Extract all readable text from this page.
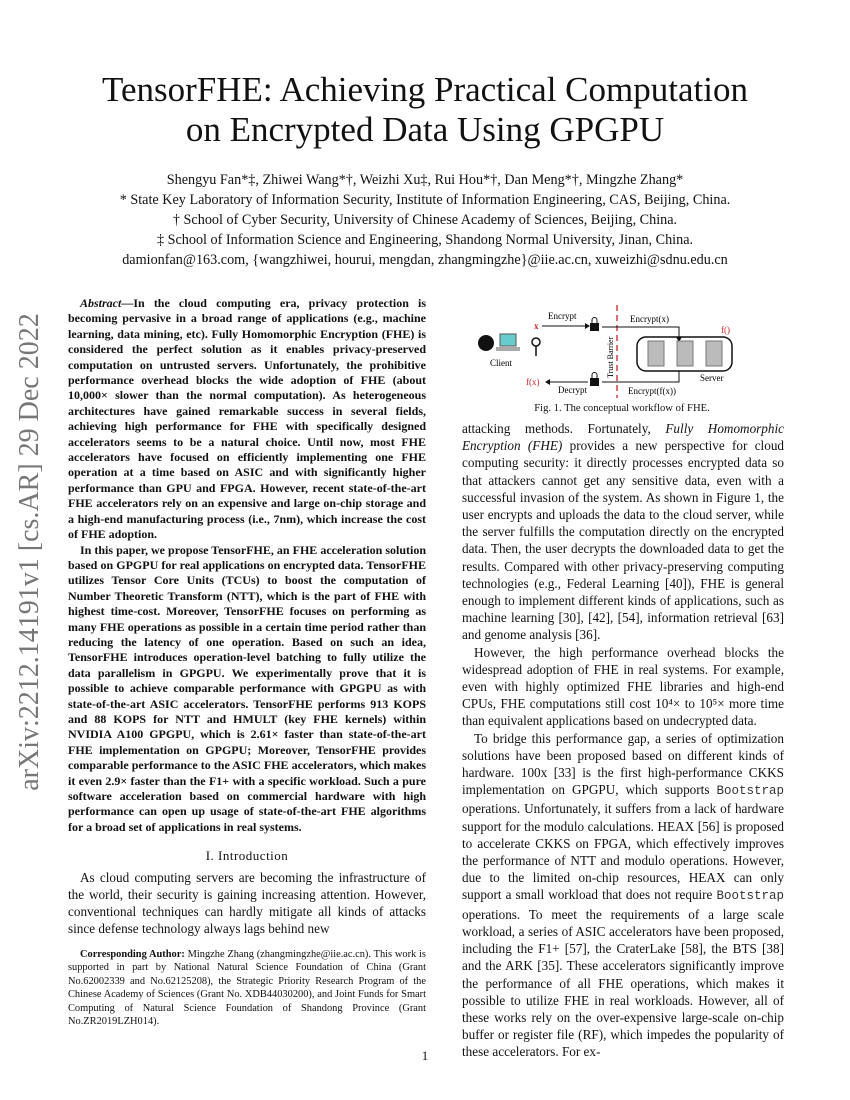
TensorFHE: Achieving Practical Computation
on Encrypted Data Using GPGPU
Shengyu Fan*‡, Zhiwei Wang*†, Weizhi Xu‡, Rui Hou*†, Dan Meng*†, Mingzhe Zhang*
* State Key Laboratory of Information Security, Institute of Information Engineering, CAS, Beijing, China.
† School of Cyber Security, University of Chinese Academy of Sciences, Beijing, China.
‡ School of Information Science and Engineering, Shandong Normal University, Jinan, China.
damionfan@163.com, {wangzhiwei, hourui, mengdan, zhangmingzhe}@iie.ac.cn, xuweizhi@sdnu.edu.cn
arXiv:2212.14191v1 [cs.AR] 29 Dec 2022

Abstract—In the cloud computing era, privacy protection is becoming pervasive in a broad range of applications (e.g., machine learning, data mining, etc). Fully Homomorphic Encryption (FHE) is considered the perfect solution as it enables privacy-preserved computation on untrusted servers. Unfortunately, the prohibitive performance overhead blocks the wide adoption of FHE (about 10,000× slower than the normal computation). As heterogeneous architectures have gained remarkable success in several fields, achieving high performance for FHE with specifically designed accelerators seems to be a natural choice. Until now, most FHE accelerators have focused on efficiently implementing one FHE operation at a time based on ASIC and with significantly higher performance than GPU and FPGA. However, recent state-of-the-art FHE accelerators rely on an expensive and large on-chip storage and a high-end manufacturing process (i.e., 7nm), which increase the cost of FHE adoption.

In this paper, we propose TensorFHE, an FHE acceleration solution based on GPGPU for real applications on encrypted data. TensorFHE utilizes Tensor Core Units (TCUs) to boost the computation of Number Theoretic Transform (NTT), which is the part of FHE with highest time-cost. Moreover, TensorFHE focuses on performing as many FHE operations as possible in a certain time period rather than reducing the latency of one operation. Based on such an idea, TensorFHE introduces operation-level batching to fully utilize the data parallelism in GPGPU. We experimentally prove that it is possible to achieve comparable performance with GPGPU as with state-of-the-art ASIC accelerators. TensorFHE performs 913 KOPS and 88 KOPS for NTT and HMULT (key FHE kernels) within NVIDIA A100 GPGPU, which is 2.61× faster than state-of-the-art FHE implementation on GPGPU; Moreover, TensorFHE provides comparable performance to the ASIC FHE accelerators, which makes it even 2.9× faster than the F1+ with a specific workload. Such a pure software acceleration based on commercial hardware with high performance can open up usage of state-of-the-art FHE algorithms for a broad set of applications in real systems.

I. Introduction

As cloud computing servers are becoming the infrastructure of the world, their security is gaining increasing attention. However, conventional techniques can hardly mitigate all kinds of attacks since defense technology always lags behind new

Corresponding Author: Mingzhe Zhang (zhangmingzhe@iie.ac.cn). This work is supported in part by National Natural Science Foundation of China (Grant No.62002339 and No.62125208), the Strategic Priority Research Program of the Chinese Academy of Sciences (Grant No. XDB44030200), and Joint Funds for Smart Computing of Natural Science Foundation of Shandong Province (Grant No.ZR2019LZH014).

Client
x
Encrypt
Trust Barrier
Encrypt(x)
f()
Server
Encrypt(f(x))
Decrypt
f(x)
Fig. 1. The conceptual workflow of FHE.

attacking methods. Fortunately, Fully Homomorphic Encryption (FHE) provides a new perspective for cloud computing security: it directly processes encrypted data so that attackers cannot get any sensitive data, even with a successful invasion of the system. As shown in Figure 1, the user encrypts and uploads the data to the cloud server, while the server fulfills the computation directly on the encrypted data. Then, the user decrypts the downloaded data to get the results. Compared with other privacy-preserving computing technologies (e.g., Federal Learning [40]), FHE is general enough to implement different kinds of applications, such as machine learning [30], [42], [54], information retrieval [63] and genome analysis [36].

However, the high performance overhead blocks the widespread adoption of FHE in real systems. For example, even with highly optimized FHE libraries and high-end CPUs, FHE computations still cost 10⁴× to 10⁵× more time than equivalent applications based on undecrypted data.

To bridge this performance gap, a series of optimization solutions have been proposed based on different kinds of hardware. 100x [33] is the first high-performance CKKS implementation on GPGPU, which supports Bootstrap operations. Unfortunately, it suffers from a lack of hardware support for the modulo calculations. HEAX [56] is proposed to accelerate CKKS on FPGA, which effectively improves the performance of NTT and modulo operations. However, due to the limited on-chip resources, HEAX can only support a small workload that does not require Bootstrap operations. To meet the requirements of a large scale workload, a series of ASIC accelerators have been proposed, including the F1+ [57], the CraterLake [58], the BTS [38] and the ARK [35]. These accelerators significantly improve the performance of all FHE operations, which makes it possible to utilize FHE in real workloads. However, all of these works rely on the over-expensive large-scale on-chip buffer or register file (RF), which impedes the popularity of these accelerators. For ex-

1
